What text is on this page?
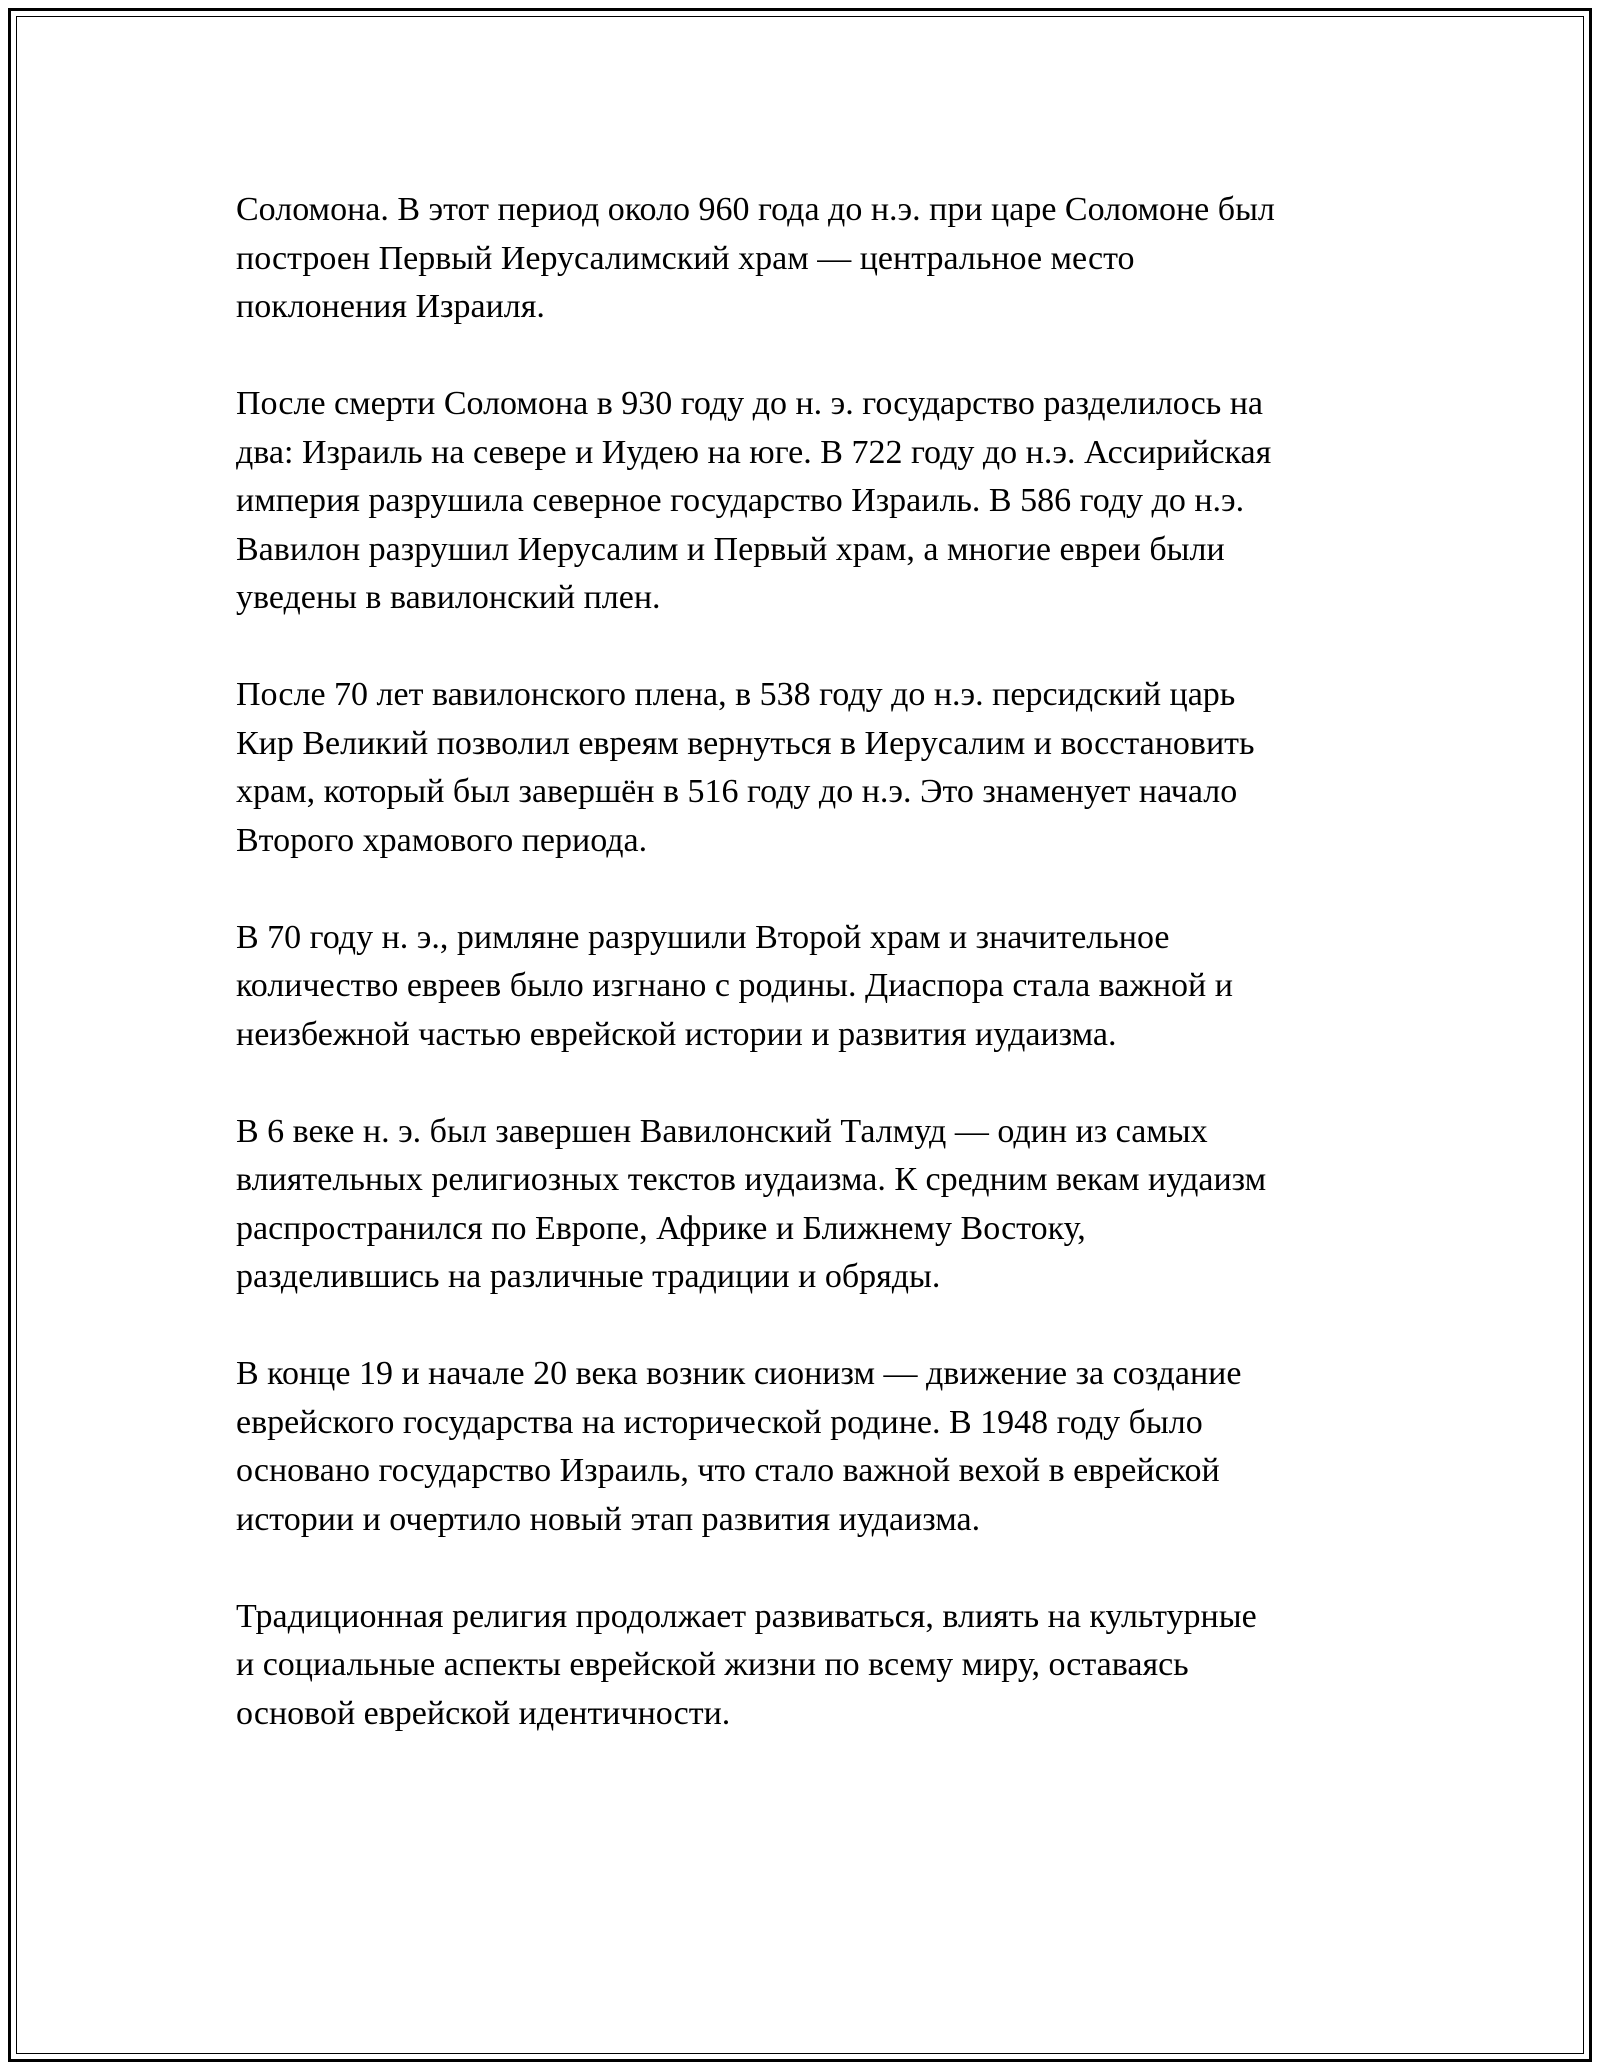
Соломона. В этот период около 960 года до н.э. при царе Соломоне был
построен Первый Иерусалимский храм — центральное место
поклонения Израиля.

После смерти Соломона в 930 году до н. э. государство разделилось на
два: Израиль на севере и Иудею на юге. В 722 году до н.э. Ассирийская
империя разрушила северное государство Израиль. В 586 году до н.э.
Вавилон разрушил Иерусалим и Первый храм, а многие евреи были
уведены в вавилонский плен.

После 70 лет вавилонского плена, в 538 году до н.э. персидский царь
Кир Великий позволил евреям вернуться в Иерусалим и восстановить
храм, который был завершён в 516 году до н.э. Это знаменует начало
Второго храмового периода.

В 70 году н. э., римляне разрушили Второй храм и значительное
количество евреев было изгнано с родины. Диаспора стала важной и
неизбежной частью еврейской истории и развития иудаизма.

В 6 веке н. э. был завершен Вавилонский Талмуд — один из самых
влиятельных религиозных текстов иудаизма. К средним векам иудаизм
распространился по Европе, Африке и Ближнему Востоку,
разделившись на различные традиции и обряды.

В конце 19 и начале 20 века возник сионизм — движение за создание
еврейского государства на исторической родине. В 1948 году было
основано государство Израиль, что стало важной вехой в еврейской
истории и очертило новый этап развития иудаизма.

Традиционная религия продолжает развиваться, влиять на культурные
и социальные аспекты еврейской жизни по всему миру, оставаясь
основой еврейской идентичности.
